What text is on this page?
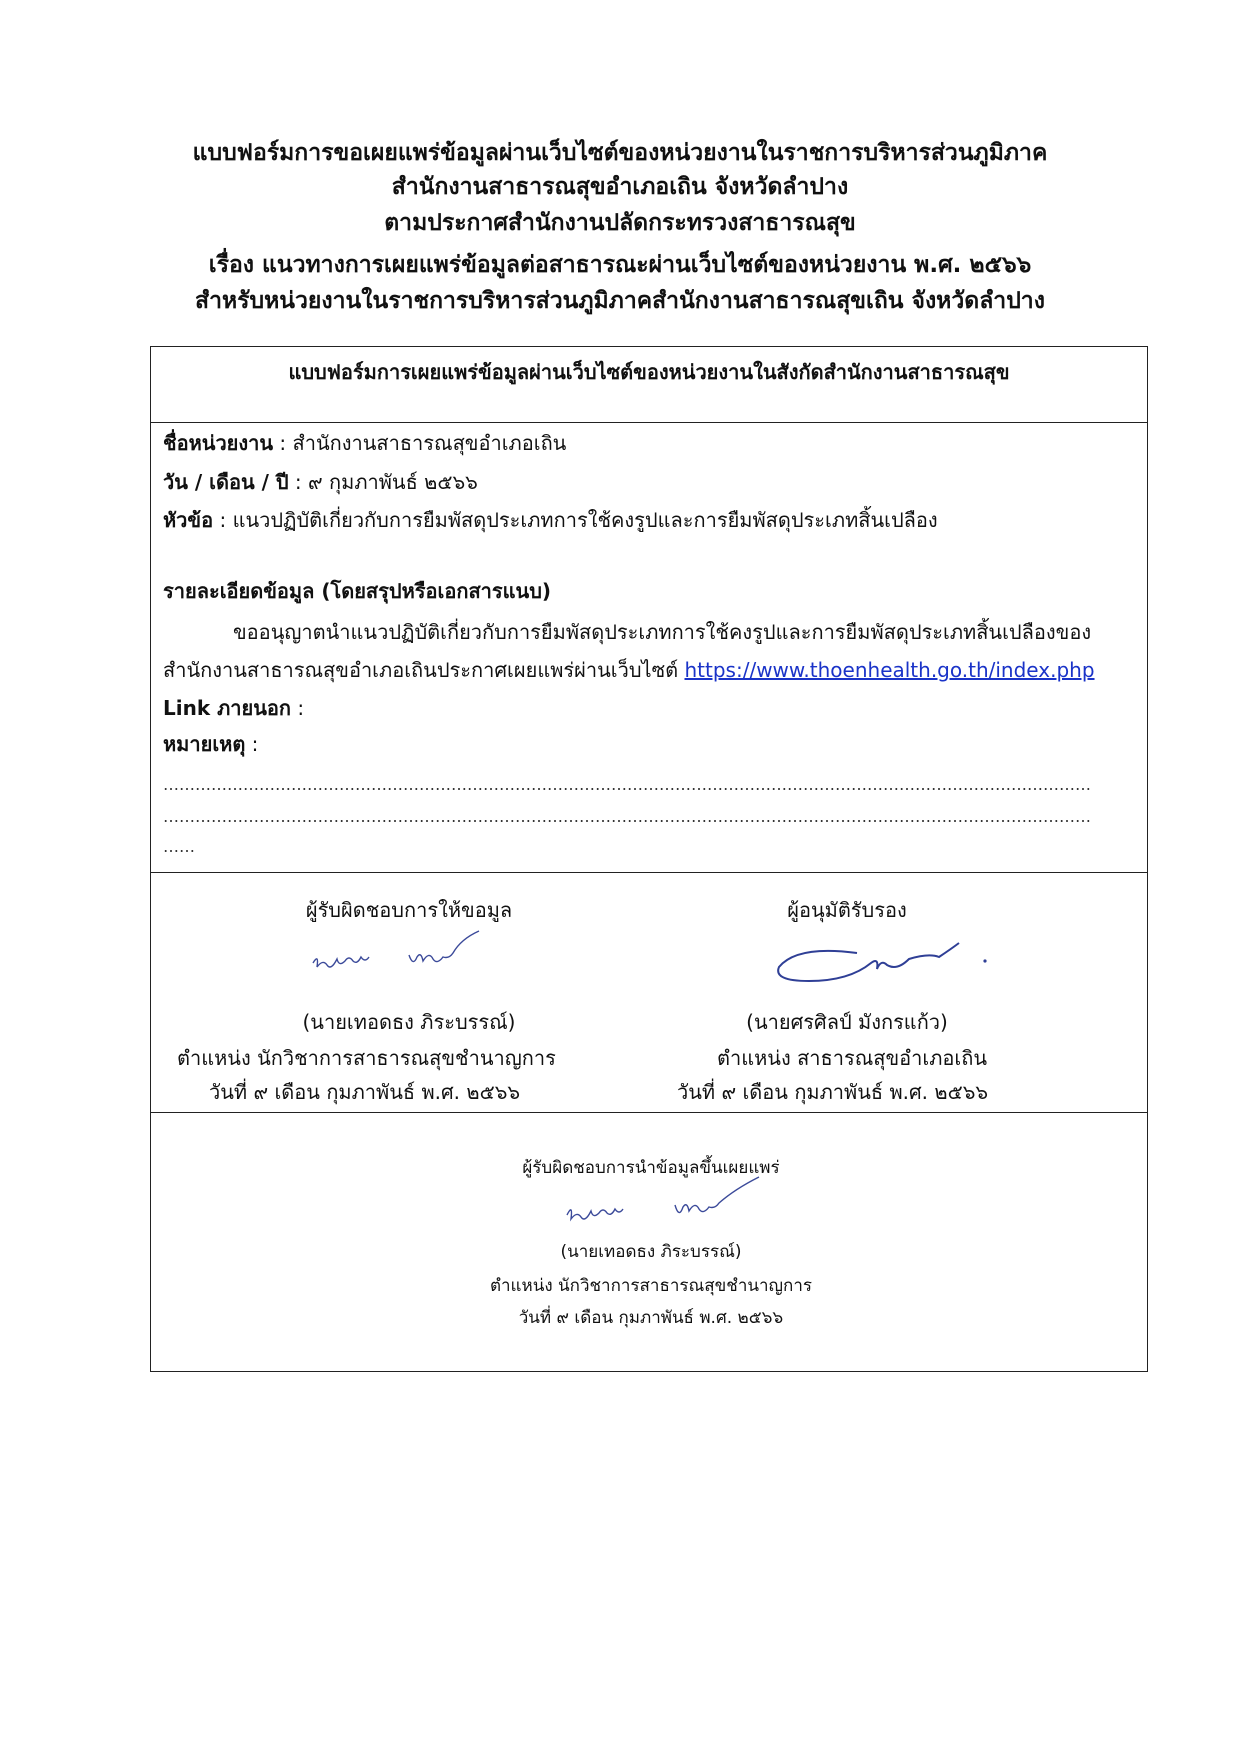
แบบฟอร์มการขอเผยแพร่ข้อมูลผ่านเว็บไซต์ของหน่วยงานในราชการบริหารส่วนภูมิภาค
สำนักงานสาธารณสุขอำเภอเถิน จังหวัดลำปาง
ตามประกาศสำนักงานปลัดกระทรวงสาธารณสุข
เรื่อง แนวทางการเผยแพร่ข้อมูลต่อสาธารณะผ่านเว็บไซต์ของหน่วยงาน พ.ศ. ๒๕๖๖
สำหรับหน่วยงานในราชการบริหารส่วนภูมิภาคสำนักงานสาธารณสุขเถิน จังหวัดลำปาง
แบบฟอร์มการเผยแพร่ข้อมูลผ่านเว็บไซต์ของหน่วยงานในสังกัดสำนักงานสาธารณสุข
ชื่อหน่วยงาน : สำนักงานสาธารณสุขอำเภอเถิน
วัน / เดือน / ปี : ๙ กุมภาพันธ์ ๒๕๖๖
หัวข้อ : แนวปฏิบัติเกี่ยวกับการยืมพัสดุประเภทการใช้คงรูปและการยืมพัสดุประเภทสิ้นเปลือง
รายละเอียดข้อมูล (โดยสรุปหรือเอกสารแนบ)
ขออนุญาตนำแนวปฏิบัติเกี่ยวกับการยืมพัสดุประเภทการใช้คงรูปและการยืมพัสดุประเภทสิ้นเปลืองของ
สำนักงานสาธารณสุขอำเภอเถินประกาศเผยแพร่ผ่านเว็บไซต์ https://www.thoenhealth.go.th/index.php
Link ภายนอก :
หมายเหตุ :
…………………………………………………………………………………………………………………………………………………………
…………………………………………………………………………………………………………………………………………………………
……
ผู้รับผิดชอบการให้ขอมูล
(นายเทอดธง ภิระบรรณ์)
ตำแหน่ง นักวิชาการสาธารณสุขชำนาญการ
วันที่ ๙ เดือน กุมภาพันธ์ พ.ศ. ๒๕๖๖
ผู้อนุมัติรับรอง
(นายศรศิลป์ มังกรแก้ว)
ตำแหน่ง สาธารณสุขอำเภอเถิน
วันที่ ๙ เดือน กุมภาพันธ์ พ.ศ. ๒๕๖๖
ผู้รับผิดชอบการนำข้อมูลขึ้นเผยแพร่
(นายเทอดธง ภิระบรรณ์)
ตำแหน่ง นักวิชาการสาธารณสุขชำนาญการ
วันที่ ๙ เดือน กุมภาพันธ์ พ.ศ. ๒๕๖๖
